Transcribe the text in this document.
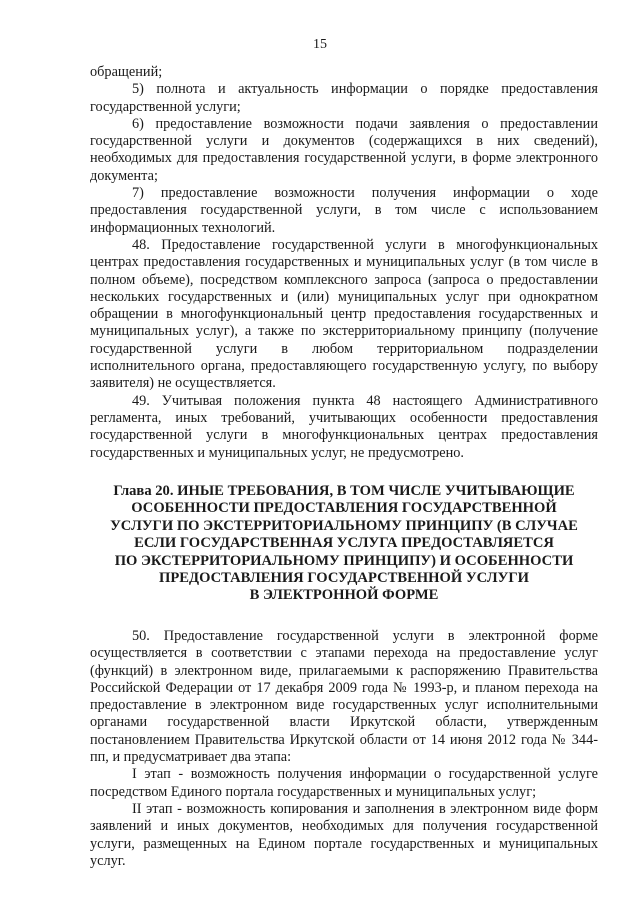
15

обращений;

5) полнота и актуальность информации о порядке предоставления государственной услуги;

6) предоставление возможности подачи заявления о предоставлении государственной услуги и документов (содержащихся в них сведений), необходимых для предоставления государственной услуги, в форме электронного документа;

7) предоставление возможности получения информации о ходе предоставления государственной услуги, в том числе с использованием информационных технологий.

48. Предоставление государственной услуги в многофункциональных центрах предоставления государственных и муниципальных услуг (в том числе в полном объеме), посредством комплексного запроса (запроса о предоставлении нескольких государственных и (или) муниципальных услуг при однократном обращении в многофункциональный центр предоставления государственных и муниципальных услуг), а также по экстерриториальному принципу (получение государственной услуги в любом территориальном подразделении исполнительного органа, предоставляющего государственную услугу, по выбору заявителя) не осуществляется.

49. Учитывая положения пункта 48 настоящего Административного регламента, иных требований, учитывающих особенности предоставления государственной услуги в многофункциональных центрах предоставления государственных и муниципальных услуг, не предусмотрено.

Глава 20. ИНЫЕ ТРЕБОВАНИЯ, В ТОМ ЧИСЛЕ УЧИТЫВАЮЩИЕ
ОСОБЕННОСТИ ПРЕДОСТАВЛЕНИЯ ГОСУДАРСТВЕННОЙ
УСЛУГИ ПО ЭКСТЕРРИТОРИАЛЬНОМУ ПРИНЦИПУ (В СЛУЧАЕ
ЕСЛИ ГОСУДАРСТВЕННАЯ УСЛУГА ПРЕДОСТАВЛЯЕТСЯ
ПО ЭКСТЕРРИТОРИАЛЬНОМУ ПРИНЦИПУ) И ОСОБЕННОСТИ
ПРЕДОСТАВЛЕНИЯ ГОСУДАРСТВЕННОЙ УСЛУГИ
В ЭЛЕКТРОННОЙ ФОРМЕ

50. Предоставление государственной услуги в электронной форме осуществляется в соответствии с этапами перехода на предоставление услуг (функций) в электронном виде, прилагаемыми к распоряжению Правительства Российской Федерации от 17 декабря 2009 года № 1993-р, и планом перехода на предоставление в электронном виде государственных услуг исполнительными органами государственной власти Иркутской области, утвержденным постановлением Правительства Иркутской области от 14 июня 2012 года № 344-пп, и предусматривает два этапа:

I этап - возможность получения информации о государственной услуге посредством Единого портала государственных и муниципальных услуг;

II этап - возможность копирования и заполнения в электронном виде форм заявлений и иных документов, необходимых для получения государственной услуги, размещенных на Едином портале государственных и муниципальных услуг.
